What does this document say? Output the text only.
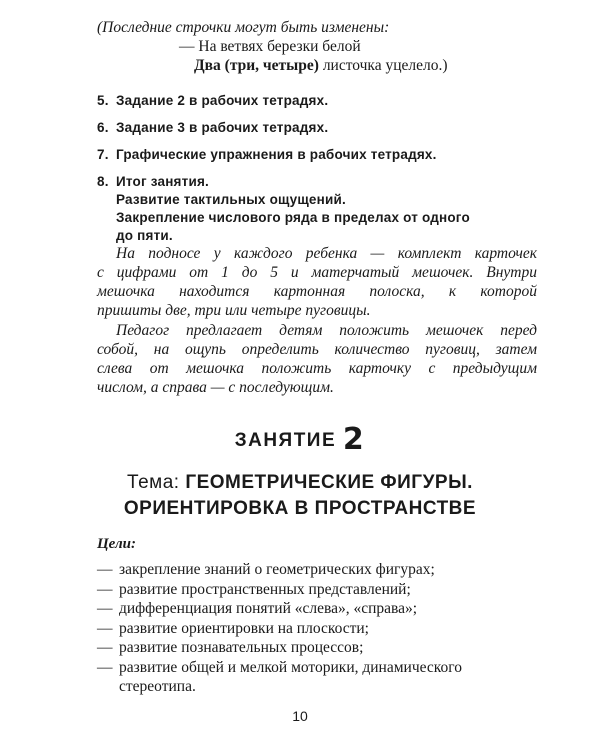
(Последние строчки могут быть изменены:
— На ветвях березки белой
Два (три, четыре) листочка уцелело.)
5. Задание 2 в рабочих тетрадях.
6. Задание 3 в рабочих тетрадях.
7. Графические упражнения в рабочих тетрадях.
8. Итог занятия.
Развитие тактильных ощущений.
Закрепление числового ряда в пределах от одного
до пяти.
На подносе у каждого ребенка — комплект карточек
с цифрами от 1 до 5 и матерчатый мешочек. Внутри
мешочка находится картонная полоска, к которой
пришиты две, три или четыре пуговицы.
Педагог предлагает детям положить мешочек перед
собой, на ощупь определить количество пуговиц, затем
слева от мешочка положить карточку с предыдущим
числом, а справа — с последующим.
ЗАНЯТИЕ 2
Тема: ГЕОМЕТРИЧЕСКИЕ ФИГУРЫ.
ОРИЕНТИРОВКА В ПРОСТРАНСТВЕ
Цели:
— закрепление знаний о геометрических фигурах;
— развитие пространственных представлений;
— дифференциация понятий «слева», «справа»;
— развитие ориентировки на плоскости;
— развитие познавательных процессов;
— развитие общей и мелкой моторики, динамического
стереотипа.
10
